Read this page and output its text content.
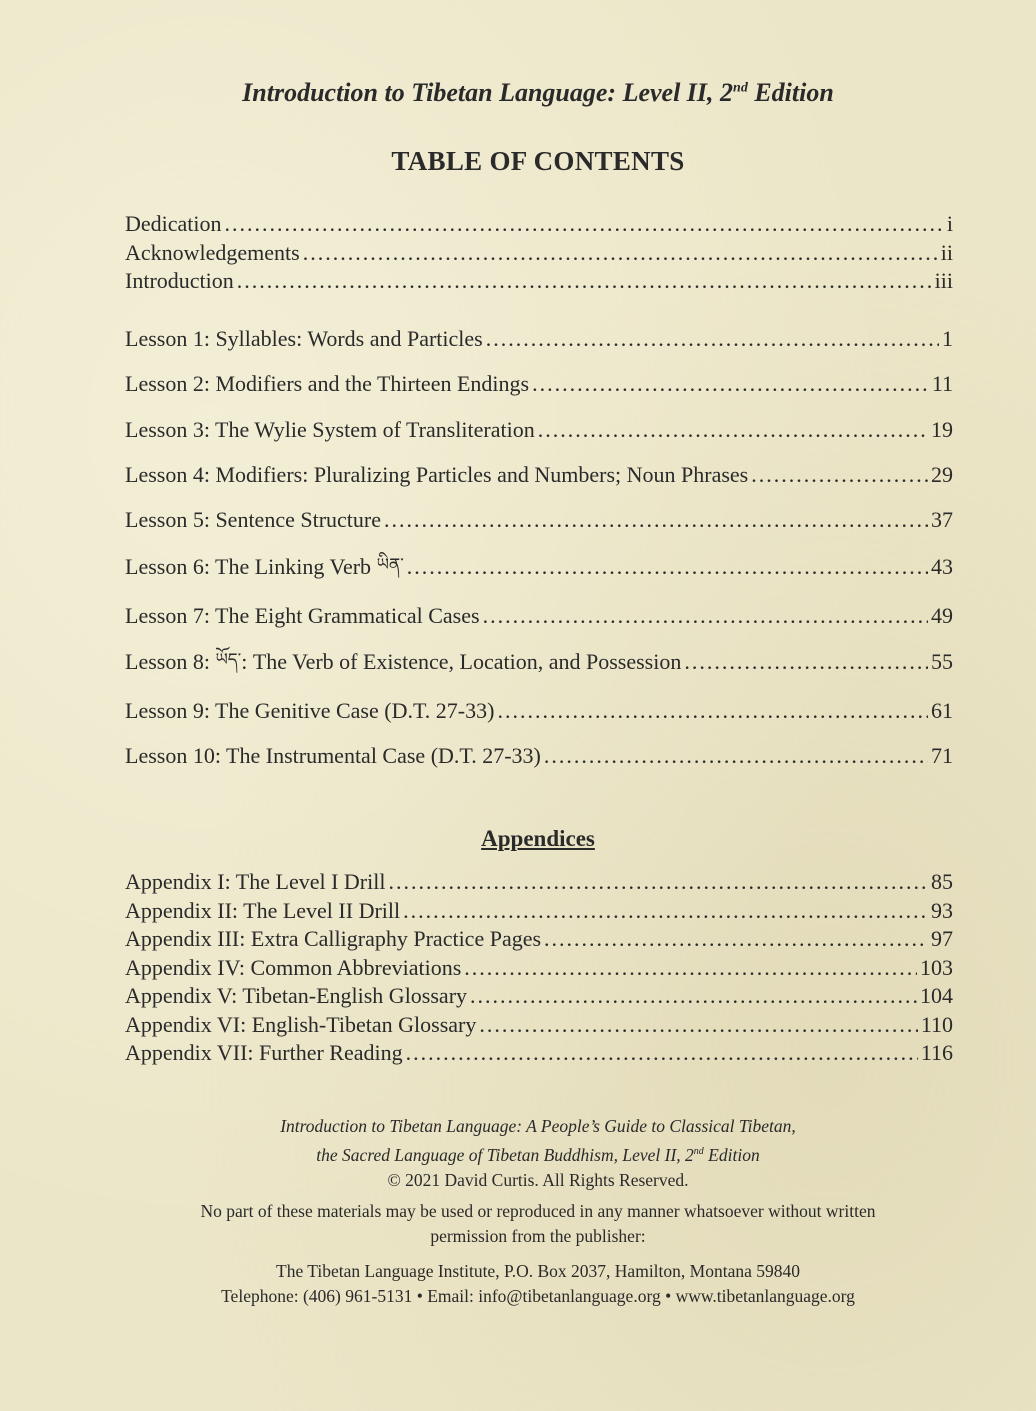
Introduction to Tibetan Language: Level II, 2nd Edition
TABLE OF CONTENTS
Dedication .....	i
Acknowledgements .....	ii
Introduction .....	iii
Lesson 1: Syllables: Words and Particles .....	1
Lesson 2: Modifiers and the Thirteen Endings .....	11
Lesson 3: The Wylie System of Transliteration .....	19
Lesson 4: Modifiers: Pluralizing Particles and Numbers; Noun Phrases .....	29
Lesson 5: Sentence Structure .....	37
Lesson 6: The Linking Verb ཡིན་ .....	43
Lesson 7: The Eight Grammatical Cases .....	49
Lesson 8: ཡོད་: The Verb of Existence, Location, and Possession .....	55
Lesson 9: The Genitive Case (D.T. 27-33) .....	61
Lesson 10: The Instrumental Case (D.T. 27-33) .....	71
Appendix I: The Level I Drill .....	85
Appendix II: The Level II Drill .....	93
Appendix III: Extra Calligraphy Practice Pages .....	97
Appendix IV: Common Abbreviations .....	103
Appendix V: Tibetan-English Glossary .....	104
Appendix VI: English-Tibetan Glossary .....	110
Appendix VII: Further Reading .....	116
Appendices
Introduction to Tibetan Language: A People’s Guide to Classical Tibetan,
the Sacred Language of Tibetan Buddhism, Level II, 2nd Edition
© 2021 David Curtis. All Rights Reserved.
No part of these materials may be used or reproduced in any manner whatsoever without written
permission from the publisher:
The Tibetan Language Institute, P.O. Box 2037, Hamilton, Montana 59840
Telephone: (406) 961-5131 • Email: info@tibetanlanguage.org • www.tibetanlanguage.org
